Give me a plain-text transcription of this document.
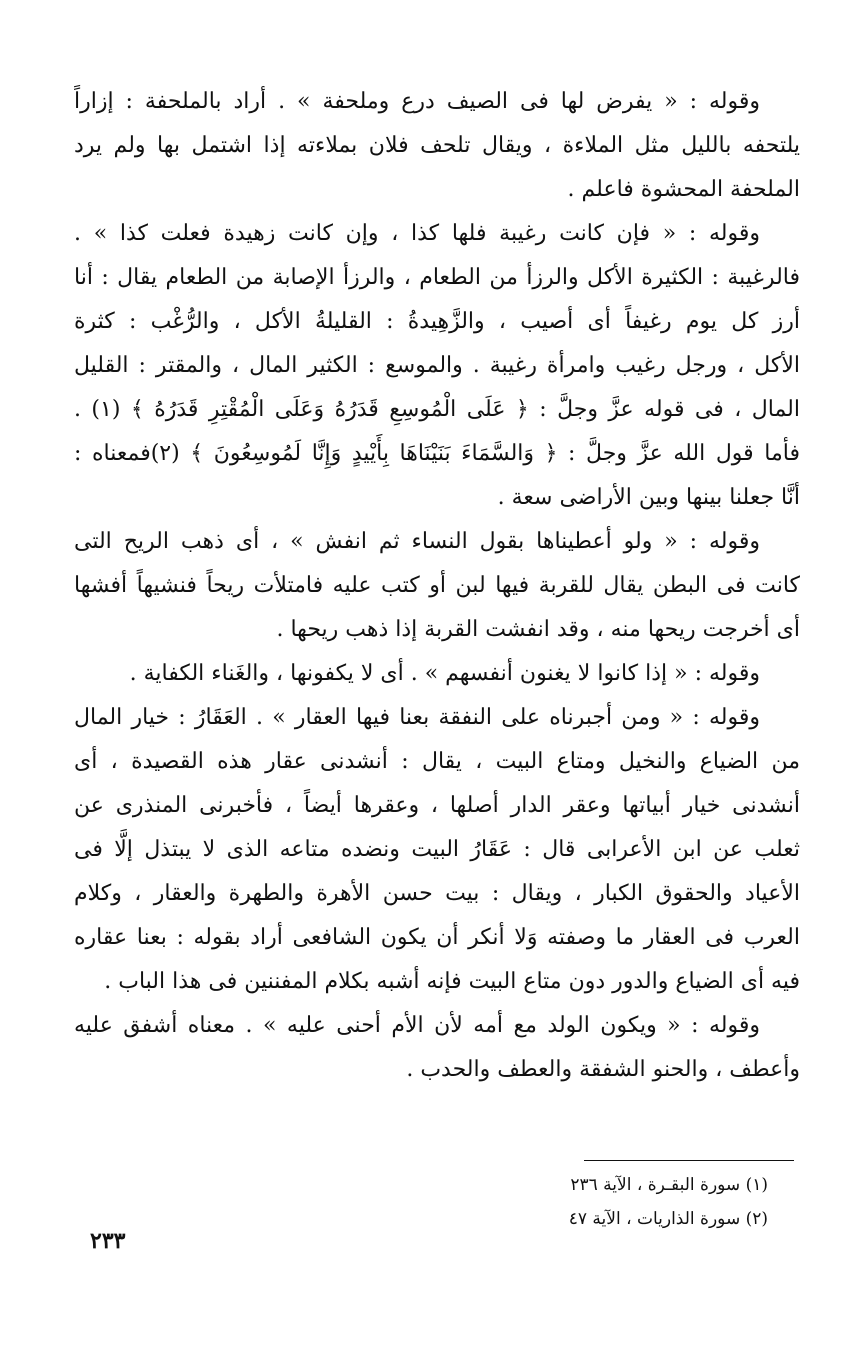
وقوله : « يفرض لها فى الصيف درع وملحفة » . أراد بالملحفة : إزاراً
يلتحفه بالليل مثل الملاءة ، ويقال تلحف فلان بملاءته إذا اشتمل بها ولم يرد
الملحفة المحشوة فاعلم .
وقوله : « فإن كانت رغيبة فلها كذا ، وإن كانت زهيدة فعلت كذا » .
فالرغيبة : الكثيرة الأكل والرزأ من الطعام ، والرزأ الإصابة من الطعام يقال : أنا
أرز كل يوم رغيفاً أى أصيب ، والزَّهِيدةُ : القليلةُ الأكل ، والرُّغْب : كثرة
الأكل ، ورجل رغيب وامرأة رغيبة . والموسع : الكثير المال ، والمقتر : القليل
المال ، فى قوله عزَّ وجلَّ : ﴿ عَلَى الْمُوسِعِ قَدَرُهُ وَعَلَى الْمُقْتِرِ قَدَرُهُ ﴾ (١) .
فأما قول الله عزَّ وجلَّ : ﴿ وَالسَّمَاءَ بَنَيْنَاهَا بِأَيْيدٍ وَإِنَّا لَمُوسِعُونَ ﴾ (٢)فمعناه :
أنَّا جعلنا بينها وبين الأراضى سعة .
وقوله : « ولو أعطيناها بقول النساء ثم انفش » ، أى ذهب الريح التى
كانت فى البطن يقال للقربة فيها لبن أو كتب عليه فامتلأت ريحاً فنشيهاً أفشها
أى أخرجت ريحها منه ، وقد انفشت القربة إذا ذهب ريحها .
وقوله : « إذا كانوا لا يغنون أنفسهم » . أى لا يكفونها ، والغَناء الكفاية .
وقوله : « ومن أجبرناه على النفقة بعنا فيها العقار » . العَقَارُ : خيار المال
من الضياع والنخيل ومتاع البيت ، يقال : أنشدنى عقار هذه القصيدة ، أى
أنشدنى خيار أبياتها وعقر الدار أصلها ، وعقرها أيضاً ، فأخبرنى المنذرى عن
ثعلب عن ابن الأعرابى قال : عَقَارُ البيت ونضده متاعه الذى لا يبتذل إلَّا فى
الأعياد والحقوق الكبار ، ويقال : بيت حسن الأهرة والطهرة والعقار ، وكلام
العرب فى العقار ما وصفته وَلا أنكر أن يكون الشافعى أراد بقوله : بعنا عقاره
فيه أى الضياع والدور دون متاع البيت فإنه أشبه بكلام المفننين فى هذا الباب .
وقوله : « ويكون الولد مع أمه لأن الأم أحنى عليه » . معناه أشفق عليه
وأعطف ، والحنو الشفقة والعطف والحدب .
(١) سورة البقـرة ، الآية ٢٣٦
(٢) سورة الذاريات ، الآية ٤٧
٢٣٣
